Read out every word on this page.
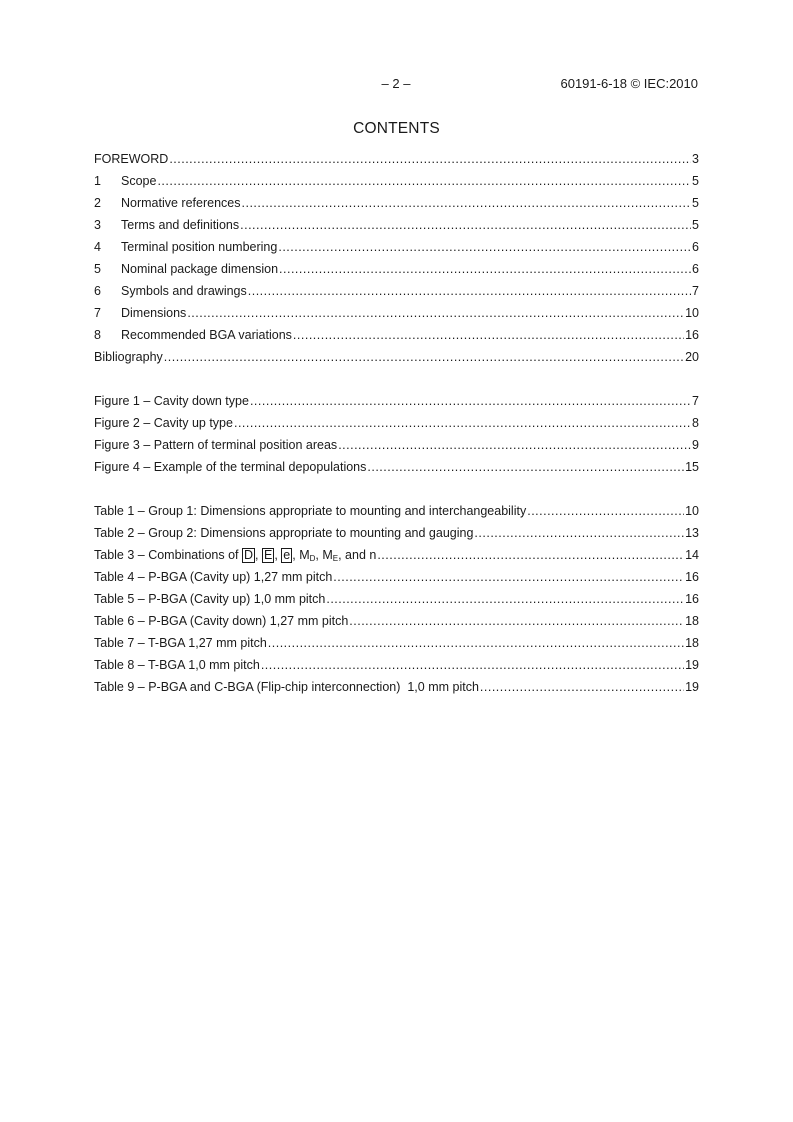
– 2 –	60191-6-18 © IEC:2010
CONTENTS
FOREWORD .....	3
1	Scope .....	5
2	Normative references .....	5
3	Terms and definitions .....	5
4	Terminal position numbering .....	6
5	Nominal package dimension .....	6
6	Symbols and drawings .....	7
7	Dimensions .....	10
8	Recommended BGA variations .....	16
Bibliography .....	20
Figure 1 – Cavity down type .....	7
Figure 2 – Cavity up type .....	8
Figure 3 – Pattern of terminal position areas .....	9
Figure 4 – Example of the terminal depopulations .....	15
Table 1 – Group 1: Dimensions appropriate to mounting and interchangeability .....	10
Table 2 – Group 2: Dimensions appropriate to mounting and gauging .....	13
Table 3 – Combinations of D , E , e , $M_D$, $M_E$, and n .....	14
Table 4 – P-BGA (Cavity up) 1,27 mm pitch .....	16
Table 5 – P-BGA (Cavity up) 1,0 mm pitch .....	16
Table 6 – P-BGA (Cavity down) 1,27 mm pitch .....	18
Table 7 – T-BGA 1,27 mm pitch .....	18
Table 8 – T-BGA 1,0 mm pitch .....	19
Table 9 – P-BGA and C-BGA (Flip-chip interconnection)  1,0 mm pitch .....	19
